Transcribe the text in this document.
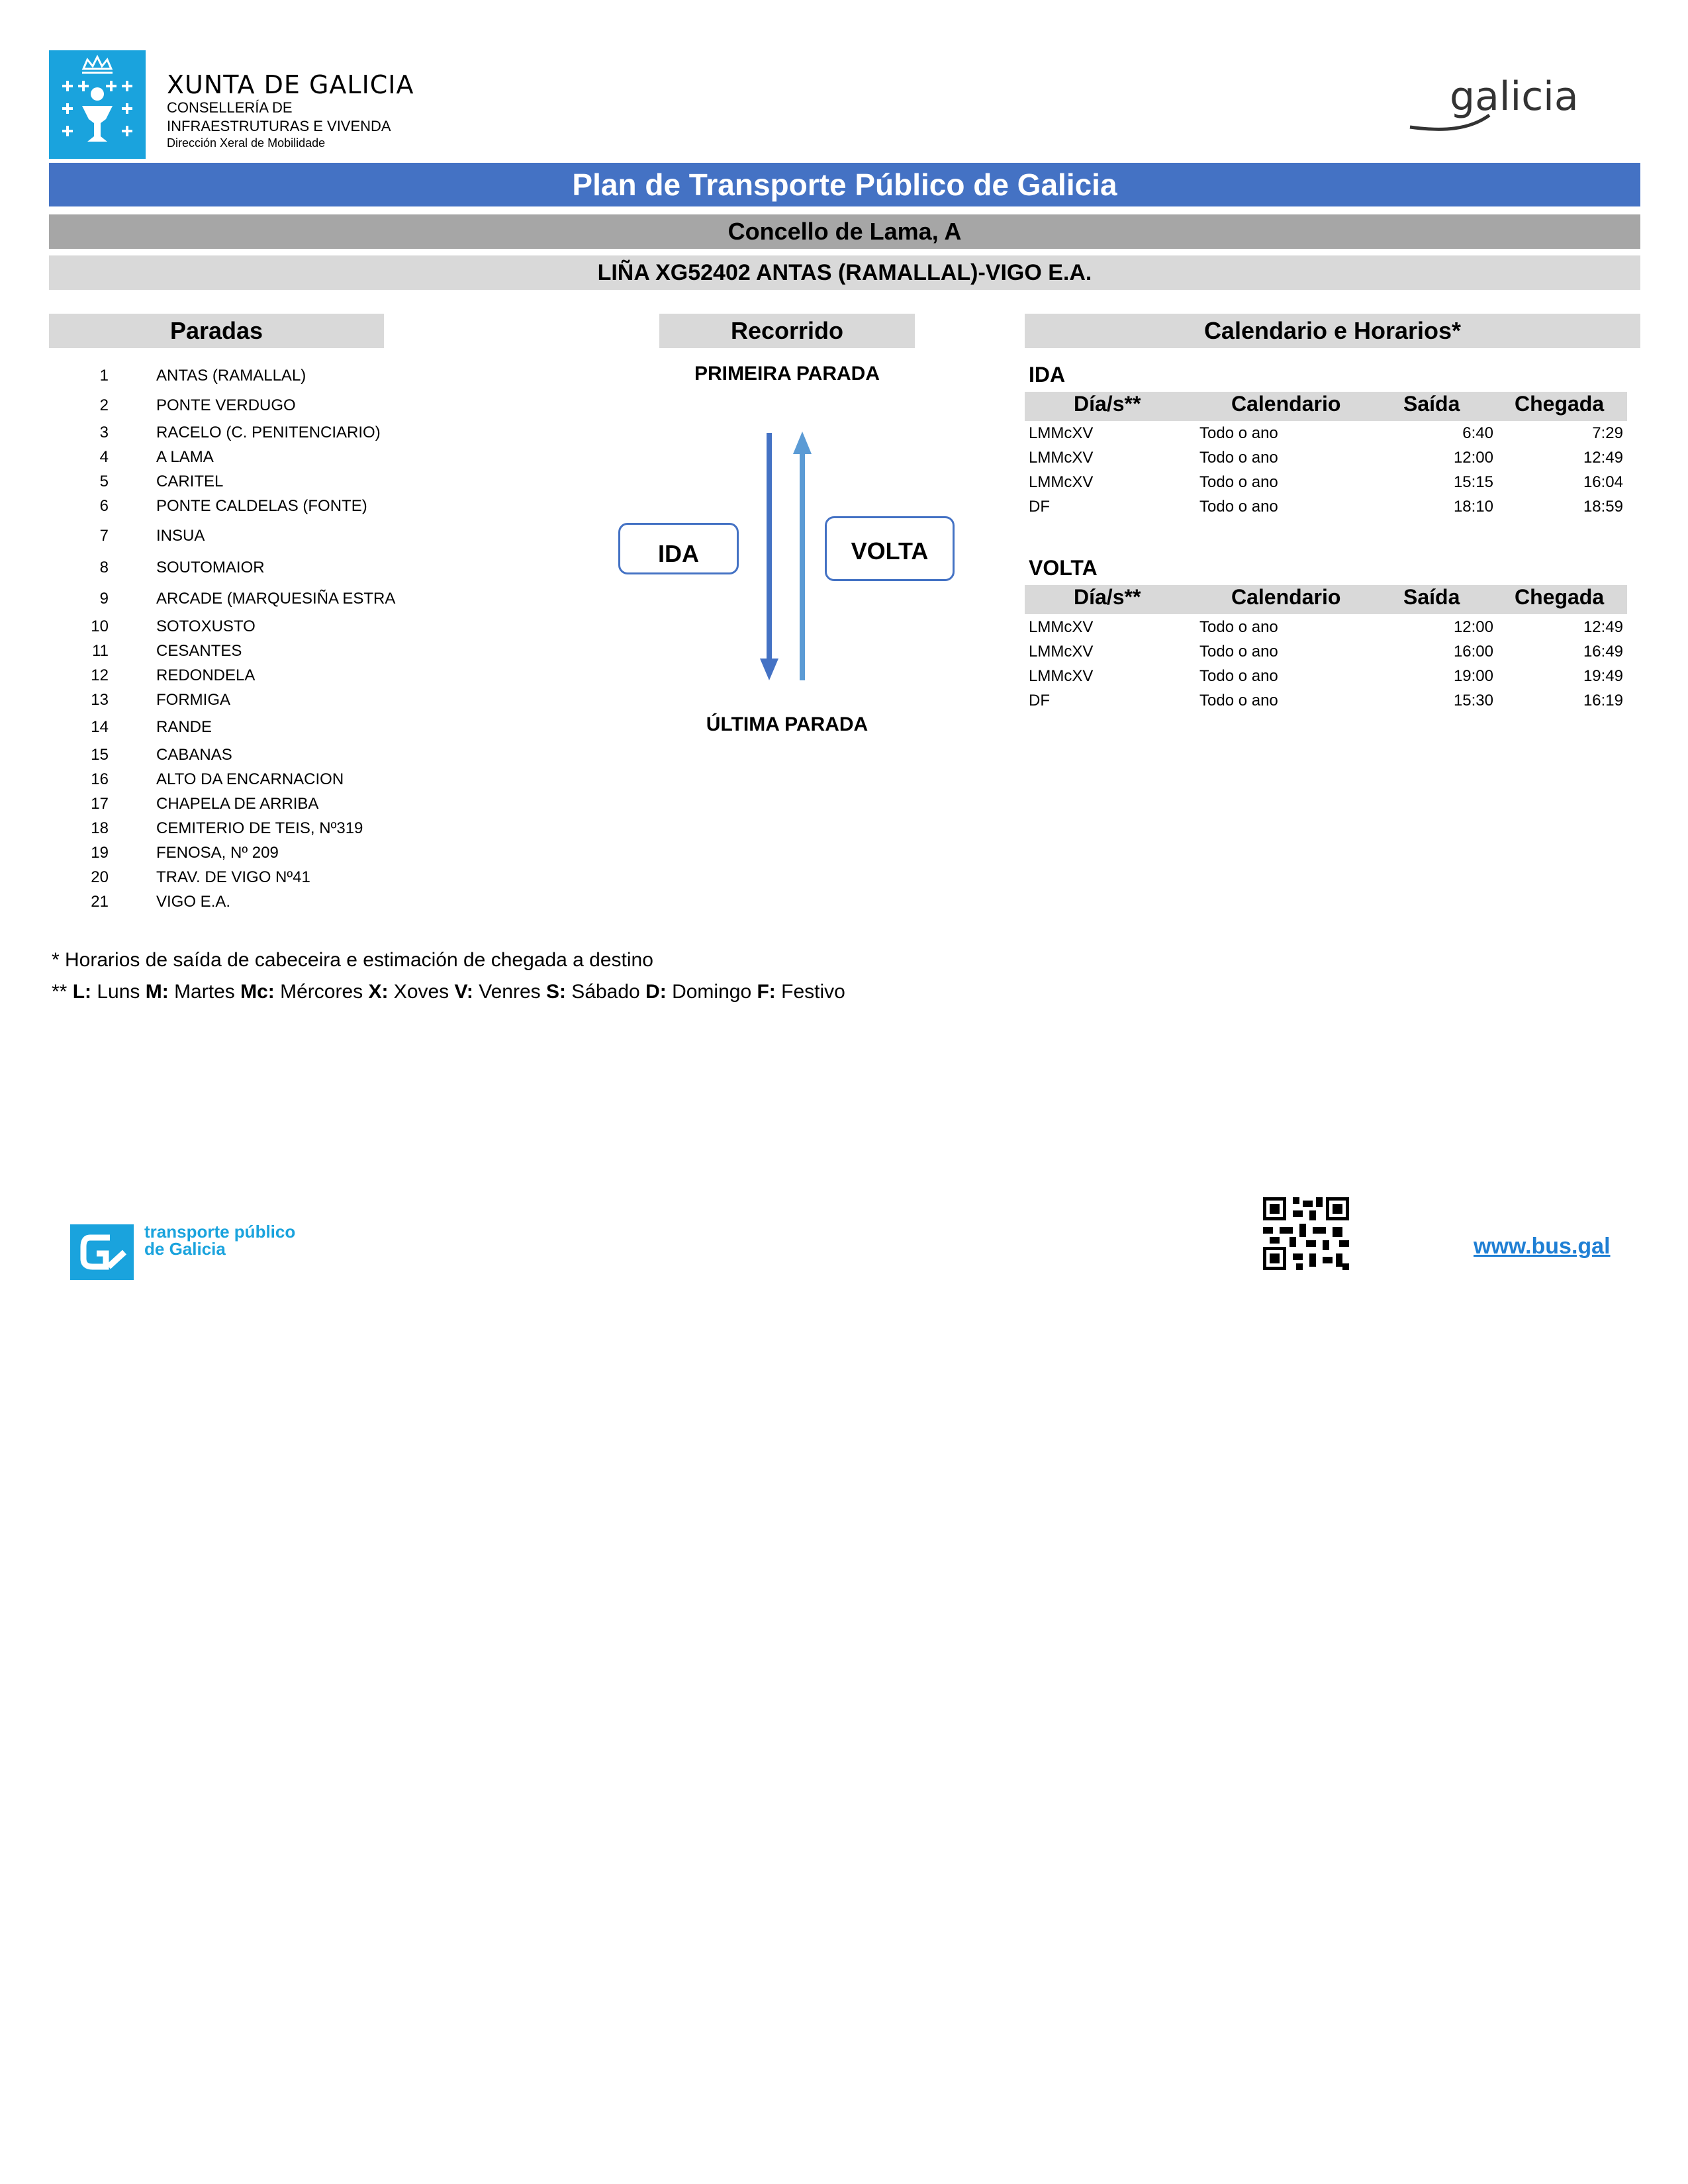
XUNTA DE GALICIA
CONSELLERÍA DE
INFRAESTRUTURAS E VIVENDA
Dirección Xeral de Mobilidade
galicia
Plan de Transporte Público de Galicia
Concello de Lama, A
LIÑA XG52402 ANTAS (RAMALLAL)-VIGO E.A.
Paradas	Recorrido	Calendario e Horarios*
1	ANTAS (RAMALLAL)
2	PONTE VERDUGO
3	RACELO (C. PENITENCIARIO)
4	A LAMA
5	CARITEL
6	PONTE CALDELAS (FONTE)
7	INSUA
8	SOUTOMAIOR
9	ARCADE (MARQUESIÑA ESTRA
10	SOTOXUSTO
11	CESANTES
12	REDONDELA
13	FORMIGA
14	RANDE
15	CABANAS
16	ALTO DA ENCARNACION
17	CHAPELA DE ARRIBA
18	CEMITERIO DE TEIS, Nº319
19	FENOSA, Nº 209
20	TRAV. DE VIGO Nº41
21	VIGO E.A.
PRIMEIRA PARADA
IDA	VOLTA
ÚLTIMA PARADA
IDA
Día/s**	Calendario	Saída	Chegada
LMMcXV	Todo o ano	6:40	7:29
LMMcXV	Todo o ano	12:00	12:49
LMMcXV	Todo o ano	15:15	16:04
DF	Todo o ano	18:10	18:59
VOLTA
Día/s**	Calendario	Saída	Chegada
LMMcXV	Todo o ano	12:00	12:49
LMMcXV	Todo o ano	16:00	16:49
LMMcXV	Todo o ano	19:00	19:49
DF	Todo o ano	15:30	16:19
* Horarios de saída de cabeceira e estimación de chegada a destino
** L: Luns M: Martes Mc: Mércores X: Xoves V: Venres S: Sábado D: Domingo F: Festivo
transporte público
de Galicia	www.bus.gal
